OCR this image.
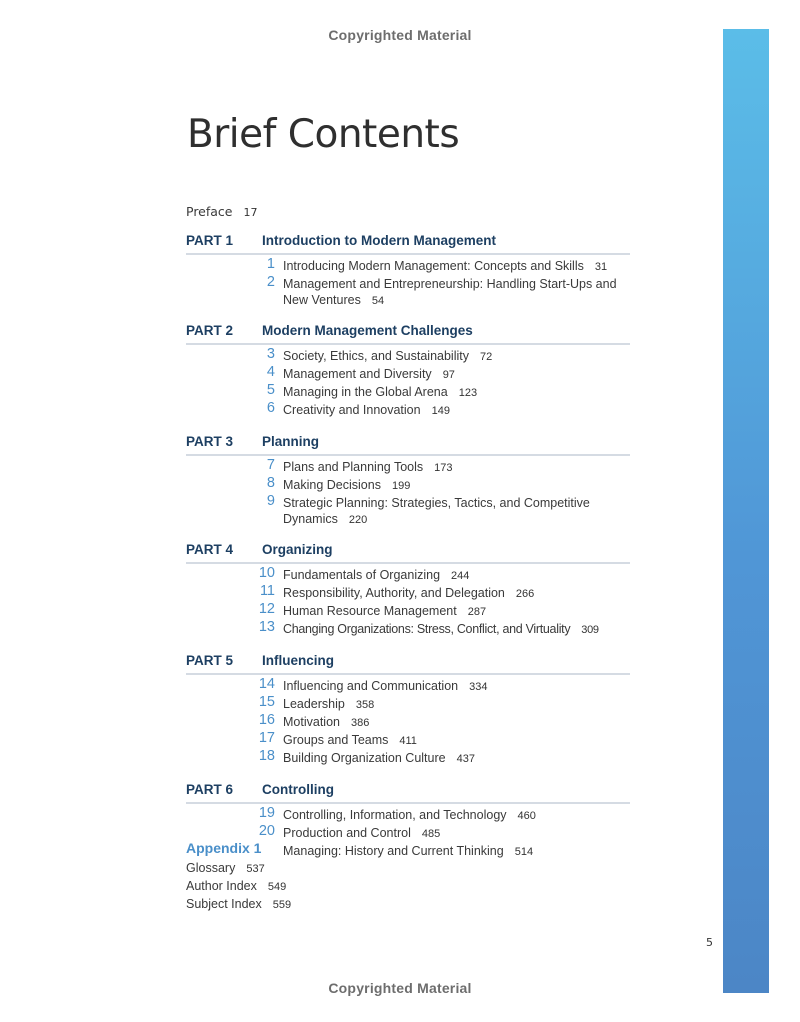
Copyrighted Material
Brief Contents
Preface 17
PART 1 Introduction to Modern Management
1 Introducing Modern Management: Concepts and Skills 31
2 Management and Entrepreneurship: Handling Start-Ups and New Ventures 54
PART 2 Modern Management Challenges
3 Society, Ethics, and Sustainability 72
4 Management and Diversity 97
5 Managing in the Global Arena 123
6 Creativity and Innovation 149
PART 3 Planning
7 Plans and Planning Tools 173
8 Making Decisions 199
9 Strategic Planning: Strategies, Tactics, and Competitive Dynamics 220
PART 4 Organizing
10 Fundamentals of Organizing 244
11 Responsibility, Authority, and Delegation 266
12 Human Resource Management 287
13 Changing Organizations: Stress, Conflict, and Virtuality 309
PART 5 Influencing
14 Influencing and Communication 334
15 Leadership 358
16 Motivation 386
17 Groups and Teams 411
18 Building Organization Culture 437
PART 6 Controlling
19 Controlling, Information, and Technology 460
20 Production and Control 485
Appendix 1 Managing: History and Current Thinking 514
Glossary 537
Author Index 549
Subject Index 559
5
Copyrighted Material
